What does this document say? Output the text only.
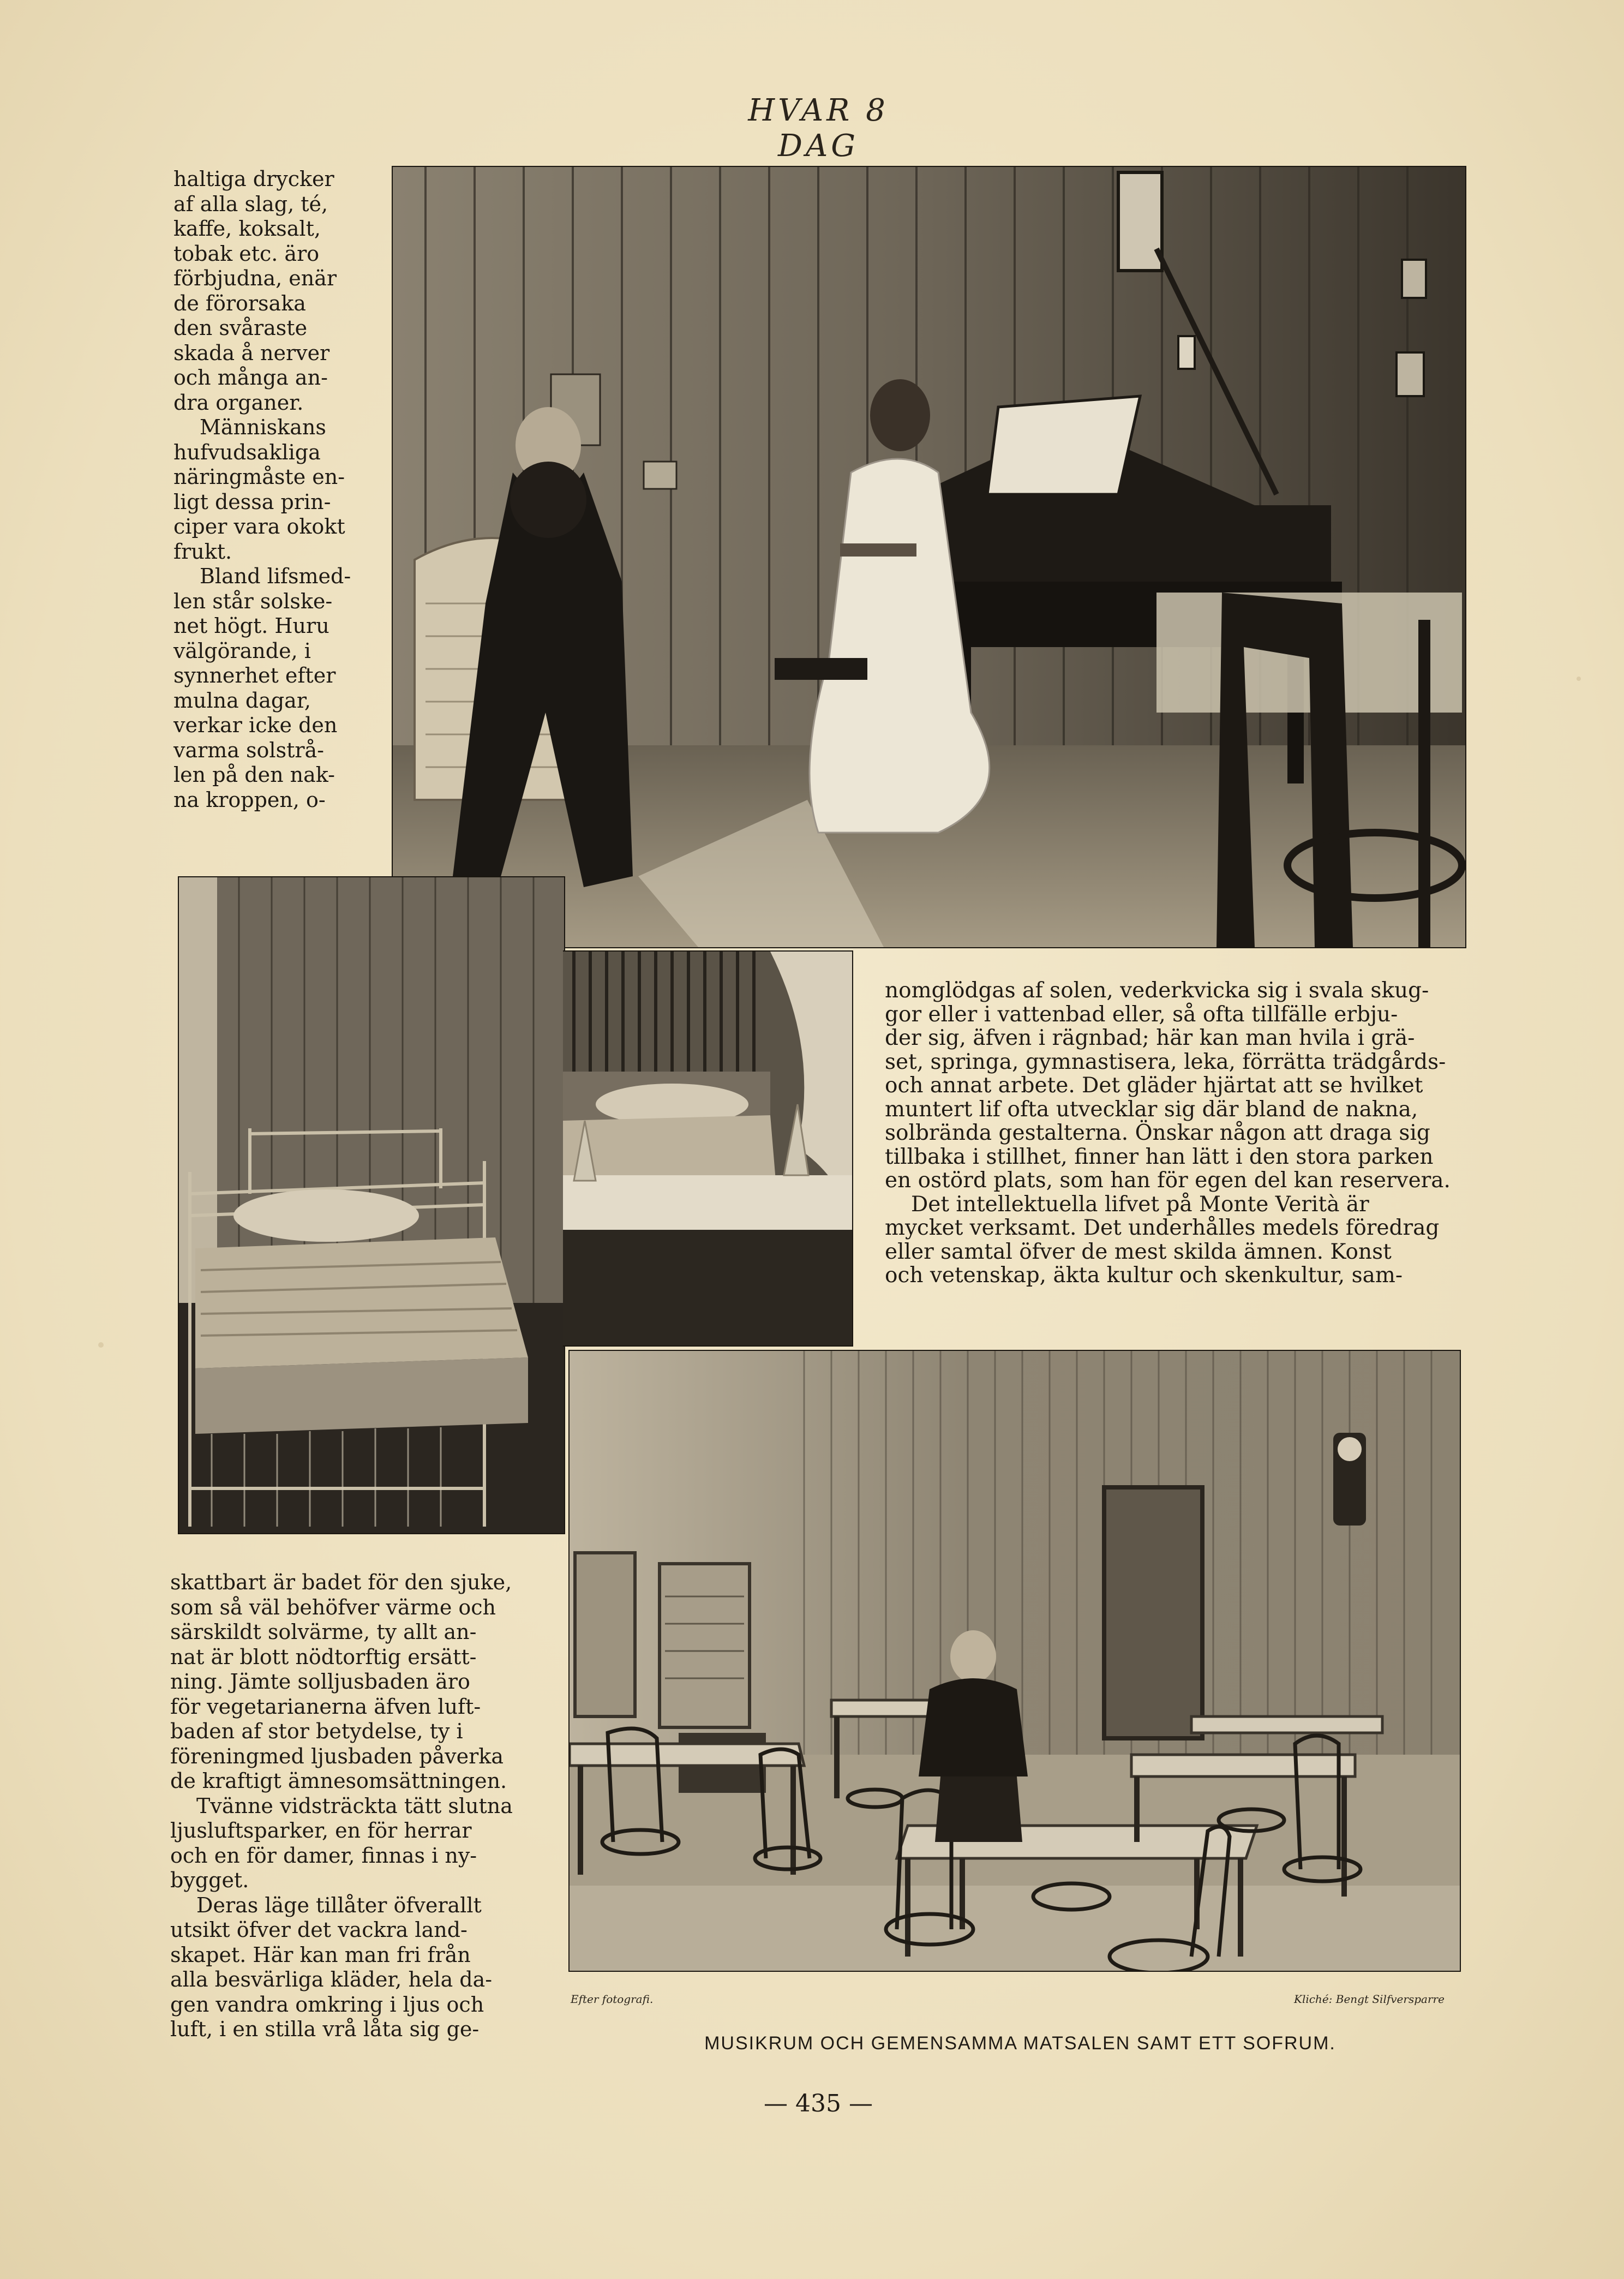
HVAR 8 DAG

haltiga drycker

af alla slag, té,

kaffe, koksalt,

tobak etc. äro

förbjudna, enär

de förorsaka

den svåraste

skada å nerver

och många an-

dra organer.

Människans

hufvudsakliga

näringmåste en-

ligt dessa prin-

ciper vara okokt

frukt.

Bland lifsmed-

len står solske-

net högt. Huru

välgörande, i

synnerhet efter

mulna dagar,

verkar icke den

varma solstrå-

len på den nak-

na kroppen, o-

nomglödgas af solen, vederkvicka sig i svala skug-

gor eller i vattenbad eller, så ofta tillfälle erbju-

der sig, äfven i rägnbad; här kan man hvila i grä-

set, springa, gymnastisera, leka, förrätta trädgårds-

och annat arbete. Det gläder hjärtat att se hvilket

muntert lif ofta utvecklar sig där bland de nakna,

solbrända gestalterna. Önskar någon att draga sig

tillbaka i stillhet, finner han lätt i den stora parken

en ostörd plats, som han för egen del kan reservera.

Det intellektuella lifvet på Monte Verità är

mycket verksamt. Det underhålles medels föredrag

eller samtal öfver de mest skilda ämnen. Konst

och vetenskap, äkta kultur och skenkultur, sam-

skattbart är badet för den sjuke,

som så väl behöfver värme och

särskildt solvärme, ty allt an-

nat är blott nödtorftig ersätt-

ning. Jämte solljusbaden äro

för vegetarianerna äfven luft-

baden af stor betydelse, ty i

föreningmed ljusbaden påverka

de kraftigt ämnesomsättningen.

Tvänne vidsträckta tätt slutna

ljusluftsparker, en för herrar

och en för damer, finnas i ny-

bygget.

Deras läge tillåter öfverallt

utsikt öfver det vackra land-

skapet. Här kan man fri från

alla besvärliga kläder, hela da-

gen vandra omkring i ljus och

luft, i en stilla vrå låta sig ge-

Efter fotografi.	Kliché: Bengt Silfversparre
MUSIKRUM OCH GEMENSAMMA MATSALEN SAMT ETT SOFRUM.
— 435 —
